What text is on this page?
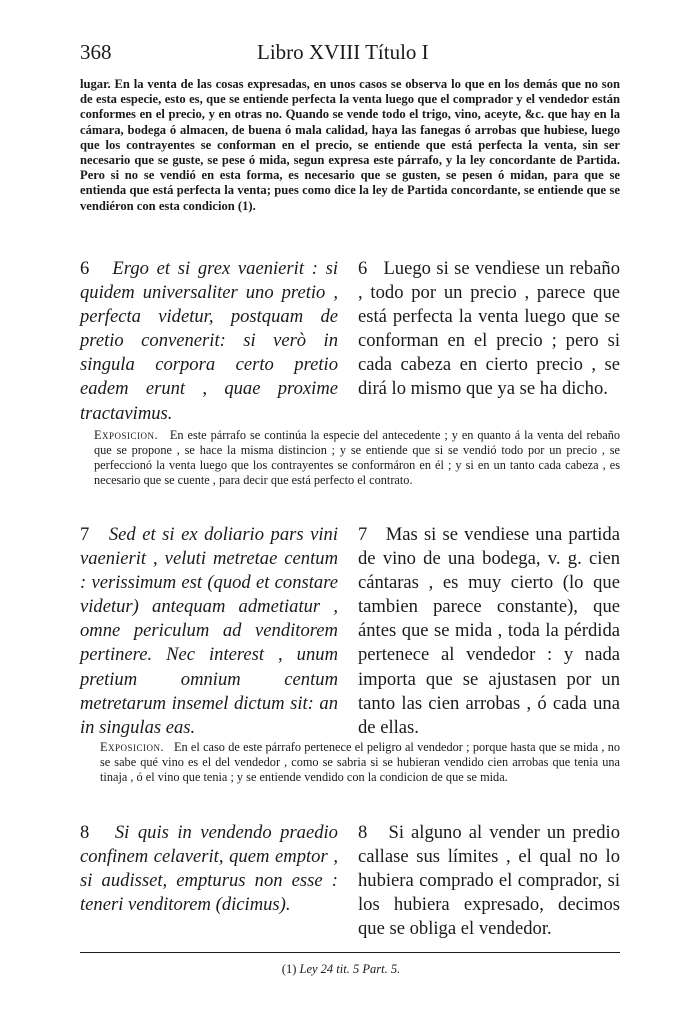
368	Libro XVIII Título I

lugar. En la venta de las cosas expresadas, en unos casos se observa lo que en los demás que no son de esta especie, esto es, que se entiende perfecta la venta luego que el comprador y el vendedor están conformes en el precio, y en otras no. Quando se vende todo el trigo, vino, aceyte, &c. que hay en la cámara, bodega ó almacen, de buena ó mala calidad, haya las fanegas ó arrobas que hubiese, luego que los contrayentes se conforman en el precio, se entiende que está perfecta la venta, sin ser necesario que se guste, se pese ó mida, segun expresa este párrafo, y la ley concordante de Partida. Pero si no se vendió en esta forma, es necesario que se gusten, se pesen ó midan, para que se entienda que está perfecta la venta; pues como dice la ley de Partida concordante, se entiende que se vendiéron con esta condicion (1).

6 Ergo et si grex vaenierit : si quidem universaliter uno pretio , perfecta videtur, postquam de pretio convenerit: si verò in singula corpora certo pretio eadem erunt , quae proxime tractavimus.

6 Luego si se vendiese un rebaño , todo por un precio , parece que está perfecta la venta luego que se conforman en el precio ; pero si cada cabeza en cierto precio , se dirá lo mismo que ya se ha dicho.

Exposicion. En este párrafo se continúa la especie del antecedente ; y en quanto á la venta del rebaño que se propone , se hace la misma distincion ; y se entiende que si se vendió todo por un precio , se perfeccionó la venta luego que los contrayentes se conformáron en él ; y si en un tanto cada cabeza , es necesario que se cuente , para decir que está perfecto el contrato.

7 Sed et si ex doliario pars vini vaenierit , veluti metretae centum : verissimum est (quod et constare videtur) antequam admetiatur , omne periculum ad venditorem pertinere. Nec interest , unum pretium omnium centum metretarum insemel dictum sit: an in singulas eas.

7 Mas si se vendiese una partida de vino de una bodega, v. g. cien cántaras , es muy cierto (lo que tambien parece constante), que ántes que se mida , toda la pérdida pertenece al vendedor : y nada importa que se ajustasen por un tanto las cien arrobas , ó cada una de ellas.

Exposicion. En el caso de este párrafo pertenece el peligro al vendedor ; porque hasta que se mida , no se sabe qué vino es el del vendedor , como se sabria si se hubieran vendido cien arrobas que tenia una tinaja , ó el vino que tenia ; y se entiende vendido con la condicion de que se mida.

8 Si quis in vendendo praedio confinem celaverit, quem emptor , si audisset, empturus non esse : teneri venditorem (dicimus).

8 Si alguno al vender un predio callase sus límites , el qual no lo hubiera comprado el comprador, si los hubiera expresado, decimos que se obliga el vendedor.

(1) Ley 24 tit. 5 Part. 5.
